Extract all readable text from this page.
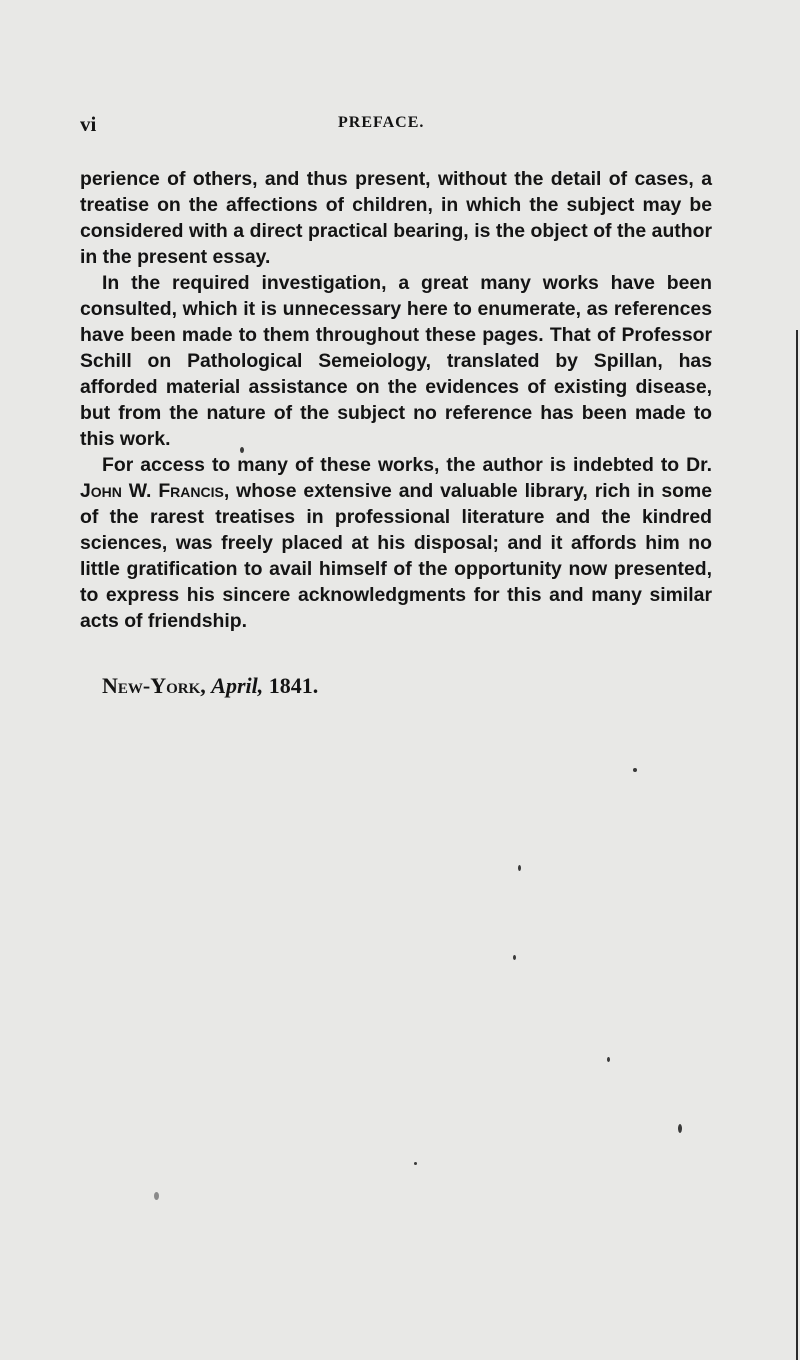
vi	PREFACE.

perience of others, and thus present, without the detail of cases, a treatise on the affections of children, in which the subject may be considered with a direct practical bearing, is the object of the author in the present essay.

In the required investigation, a great many works have been consulted, which it is unnecessary here to enumerate, as references have been made to them throughout these pages. That of Professor Schill on Pathological Semeiology, translated by Spillan, has afforded material assistance on the evidences of existing disease, but from the nature of the subject no reference has been made to this work.

For access to many of these works, the author is indebted to Dr. John W. Francis, whose extensive and valuable library, rich in some of the rarest treatises in professional literature and the kindred sciences, was freely placed at his disposal; and it affords him no little gratification to avail himself of the opportunity now presented, to express his sincere acknowledgments for this and many similar acts of friendship.

New-York, April, 1841.
